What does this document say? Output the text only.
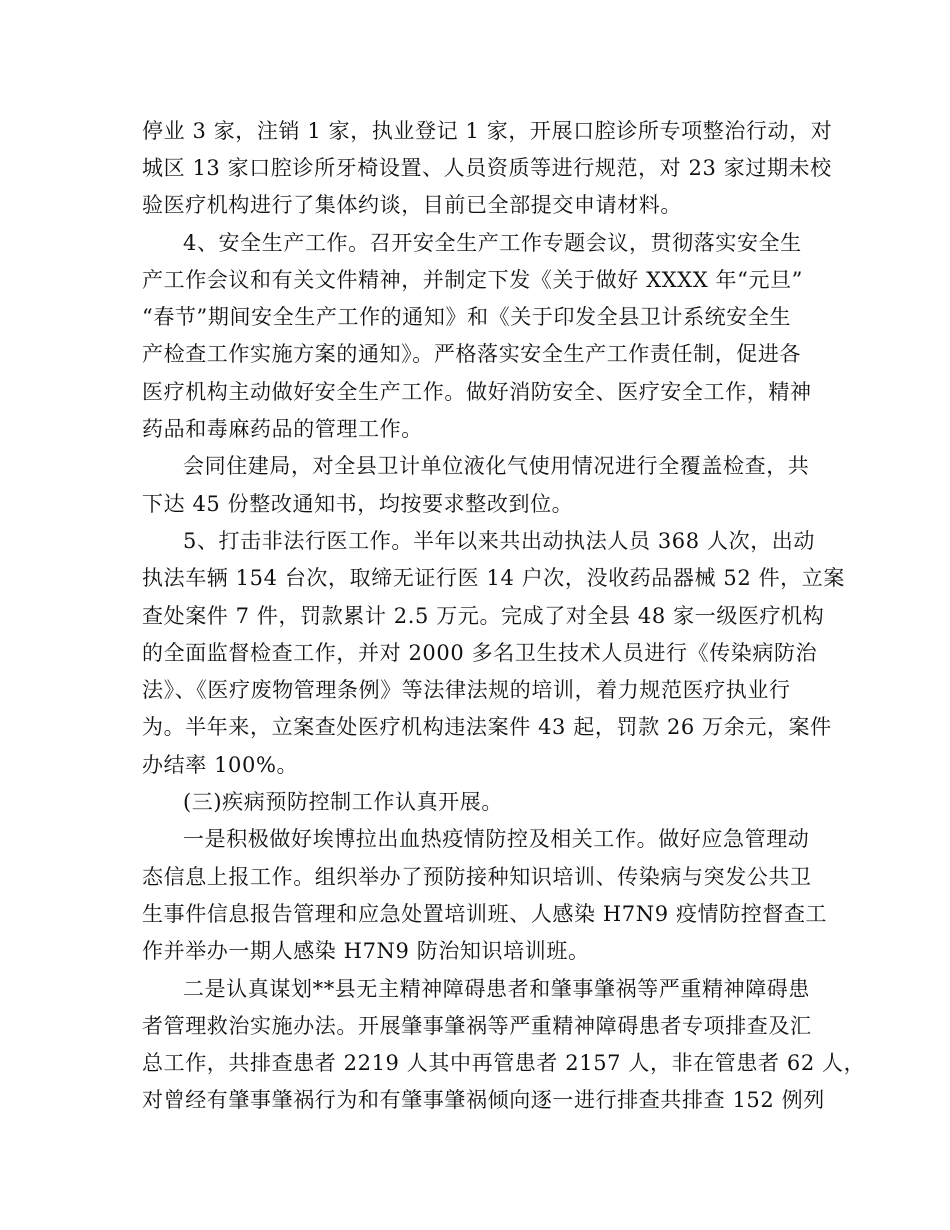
停业 3 家，注销 1 家，执业登记 1 家，开展口腔诊所专项整治行动，对
城区 13 家口腔诊所牙椅设置、人员资质等进行规范，对 23 家过期未校
验医疗机构进行了集体约谈，目前已全部提交申请材料。
4、安全生产工作。召开安全生产工作专题会议，贯彻落实安全生
产工作会议和有关文件精神，并制定下发《关于做好 XXXX 年“元旦”
“春节”期间安全生产工作的通知》和《关于印发全县卫计系统安全生
产检查工作实施方案的通知》。严格落实安全生产工作责任制，促进各
医疗机构主动做好安全生产工作。做好消防安全、医疗安全工作，精神
药品和毒麻药品的管理工作。
会同住建局，对全县卫计单位液化气使用情况进行全覆盖检查，共
下达 45 份整改通知书，均按要求整改到位。
5、打击非法行医工作。半年以来共出动执法人员 368 人次，出动
执法车辆 154 台次，取缔无证行医 14 户次，没收药品器械 52 件，立案
查处案件 7 件，罚款累计 2.5 万元。完成了对全县 48 家一级医疗机构
的全面监督检查工作，并对 2000 多名卫生技术人员进行《传染病防治
法》、《医疗废物管理条例》等法律法规的培训，着力规范医疗执业行
为。半年来，立案查处医疗机构违法案件 43 起，罚款 26 万余元，案件
办结率 100%。
(三)疾病预防控制工作认真开展。
一是积极做好埃博拉出血热疫情防控及相关工作。做好应急管理动
态信息上报工作。组织举办了预防接种知识培训、传染病与突发公共卫
生事件信息报告管理和应急处置培训班、人感染 H7N9 疫情防控督查工
作并举办一期人感染 H7N9 防治知识培训班。
二是认真谋划**县无主精神障碍患者和肇事肇祸等严重精神障碍患
者管理救治实施办法。开展肇事肇祸等严重精神障碍患者专项排查及汇
总工作，共排查患者 2219 人其中再管患者 2157 人，非在管患者 62 人，
对曾经有肇事肇祸行为和有肇事肇祸倾向逐一进行排查共排查 152 例列
